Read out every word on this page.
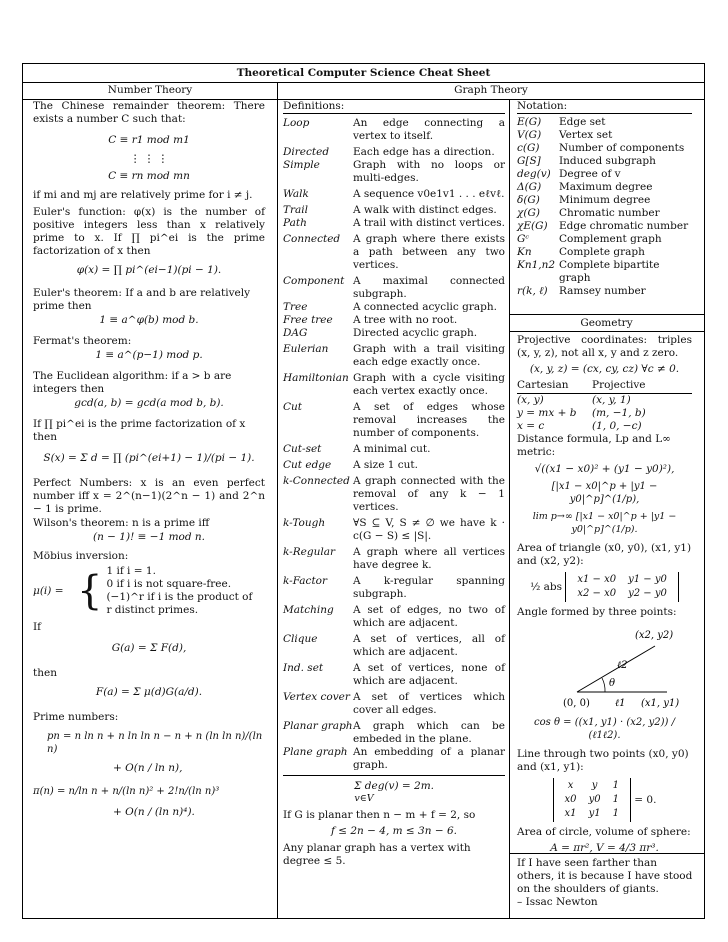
Theoretical Computer Science Cheat Sheet
Number Theory	Graph Theory

The Chinese remainder theorem: There exists a number C such that:

C ≡ r1 mod m1

⋮ ⋮ ⋮

C ≡ rn mod mn

if mi and mj are relatively prime for i ≠ j.

Euler's function: φ(x) is the number of positive integers less than x relatively prime to x. If ∏ pi^ei is the prime factorization of x then

φ(x) = ∏ pi^(ei−1)(pi − 1).

Euler's theorem: If a and b are relatively prime then

1 ≡ a^φ(b) mod b.

Fermat's theorem:

1 ≡ a^(p−1) mod p.

The Euclidean algorithm: if a > b are integers then

gcd(a, b) = gcd(a mod b, b).

If ∏ pi^ei is the prime factorization of x then

S(x) = Σ d = ∏ (pi^(ei+1) − 1)/(pi − 1).

Perfect Numbers: x is an even perfect number iff x = 2^(n−1)(2^n − 1) and 2^n − 1 is prime.

Wilson's theorem: n is a prime iff

(n − 1)! ≡ −1 mod n.

Möbius inversion:

μ(i) = { 1 if i = 1.
0 if i is not square-free.
(−1)^r if i is the product of
r distinct primes.

If

G(a) = Σ F(d),

then

F(a) = Σ μ(d)G(a/d).

Prime numbers:

pn = n ln n + n ln ln n − n + n (ln ln n)/(ln n)

+ O(n / ln n),

π(n) = n/ln n + n/(ln n)² + 2!n/(ln n)³

+ O(n / (ln n)⁴).

Definitions:

Loop	An edge connecting a vertex to itself.
Directed	Each edge has a direction.
Simple	Graph with no loops or multi-edges.
Walk	A sequence v0e1v1 . . . eℓvℓ.
Trail	A walk with distinct edges.
Path	A trail with distinct vertices.
Connected	A graph where there exists a path between any two vertices.
Component A maximal connected subgraph.
Tree	A connected acyclic graph.
Free tree	A tree with no root.
DAG	Directed acyclic graph.
Eulerian	Graph with a trail visiting each edge exactly once.
Hamiltonian Graph with a cycle visiting each vertex exactly once.
Cut	A set of edges whose removal increases the number of components.
Cut-set	A minimal cut.
Cut edge	A size 1 cut.
k-Connected A graph connected with the removal of any k − 1 vertices.
k-Tough	∀S ⊆ V, S ≠ ∅ we have k · c(G − S) ≤ |S|.
k-Regular	A graph where all vertices have degree k.
k-Factor	A k-regular spanning subgraph.
Matching	A set of edges, no two of which are adjacent.
Clique	A set of vertices, all of which are adjacent.
Ind. set	A set of vertices, none of which are adjacent.
Vertex cover A set of vertices which cover all edges.
Planar graph A graph which can be embeded in the plane.
Plane graph An embedding of a planar graph.

Σ deg(v) = 2m.

v∈V

If G is planar then n − m + f = 2, so

f ≤ 2n − 4, m ≤ 3n − 6.

Any planar graph has a vertex with degree ≤ 5.

Notation:

E(G)	Edge set
V(G)	Vertex set
c(G)	Number of components
G[S]	Induced subgraph
deg(v) Degree of v
Δ(G)	Maximum degree
δ(G)	Minimum degree
χ(G)	Chromatic number
χE(G)	Edge chromatic number
Gᶜ	Complement graph
Kn	Complete graph
Kn1,n2 Complete bipartite graph
r(k, ℓ)	Ramsey number
Geometry

Projective coordinates: triples (x, y, z), not all x, y and z zero.

(x, y, z) = (cx, cy, cz) ∀c ≠ 0.

Cartesian	Projective
(x, y)	(x, y, 1)
y = mx + b	(m, −1, b)
x = c	(1, 0, −c)

Distance formula, Lp and L∞ metric:

√((x1 − x0)² + (y1 − y0)²),

[|x1 − x0|^p + |y1 − y0|^p]^(1/p),

lim p→∞ [|x1 − x0|^p + |y1 − y0|^p]^(1/p).

Area of triangle (x0, y0), (x1, y1) and (x2, y2):

½ abs x1 − x0	y1 − y0
x2 − x0	y2 − y0

Angle formed by three points:

(x2, y2)
ℓ2
θ
(0, 0)	ℓ1 (x1, y1)

cos θ = ((x1, y1) · (x2, y2)) / (ℓ1ℓ2).

Line through two points (x0, y0) and (x1, y1):

x	y	1
x0	y0	1
x1	y1	1 = 0.

Area of circle, volume of sphere:

A = πr², V = 4/3 πr³.

If I have seen farther than others, it is because I have stood on the shoulders of giants.

– Issac Newton
